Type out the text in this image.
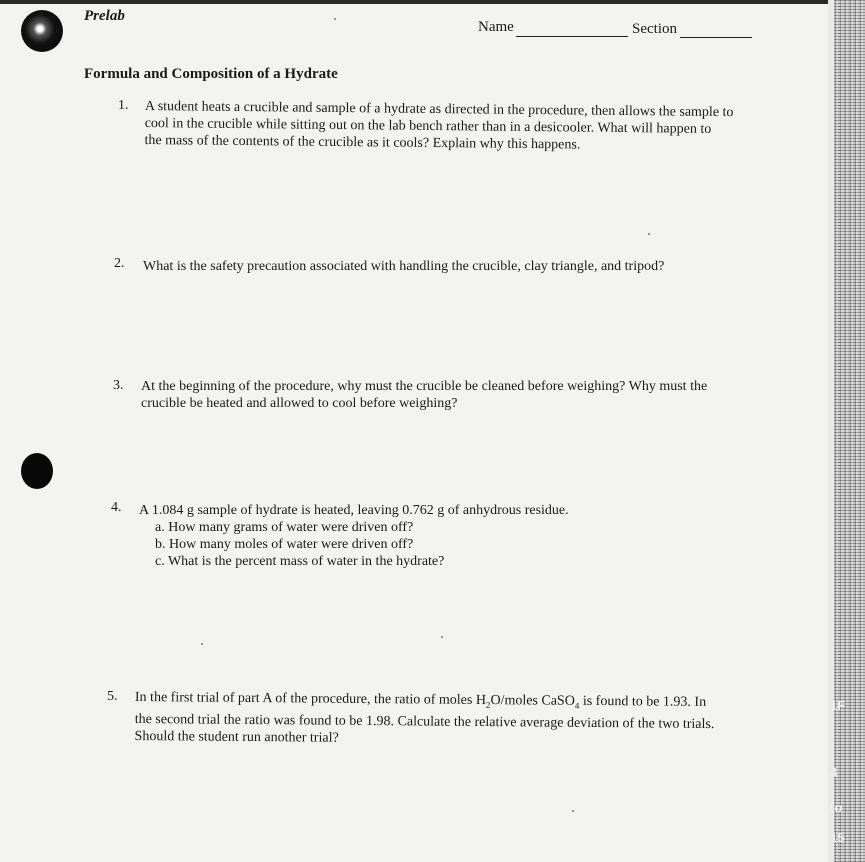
1F
4
to
15
Prelab
Name	Section
Formula and Composition of a Hydrate
1. A student heats a crucible and sample of a hydrate as directed in the procedure, then allows the sample to
cool in the crucible while sitting out on the lab bench rather than in a desicooler. What will happen to
the mass of the contents of the crucible as it cools? Explain why this happens.
2. What is the safety precaution associated with handling the crucible, clay triangle, and tripod?
3. At the beginning of the procedure, why must the crucible be cleaned before weighing? Why must the
crucible be heated and allowed to cool before weighing?
4. A 1.084 g sample of hydrate is heated, leaving 0.762 g of anhydrous residue.
a. How many grams of water were driven off?
b. How many moles of water were driven off?
c. What is the percent mass of water in the hydrate?
5. In the first trial of part A of the procedure, the ratio of moles $H_2O$/moles CaSO$_4$ is found to be 1.93. In
the second trial the ratio was found to be 1.98. Calculate the relative average deviation of the two trials.
Should the student run another trial?
